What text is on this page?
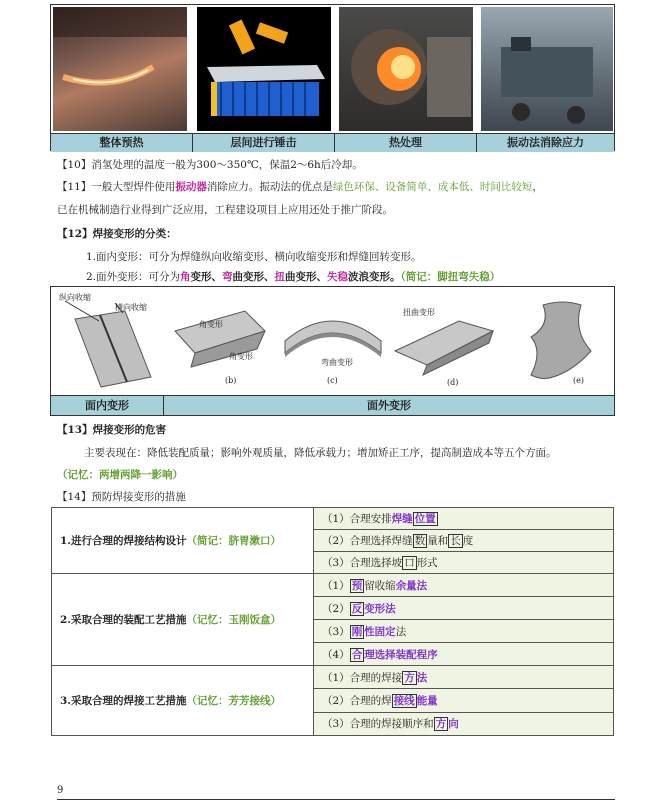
整体预热	层间进行锤击	热处理	振动法消除应力
【10】消氢处理的温度一般为300～350℃，保温2～6h后冷却。
【11】一般大型焊件使用振动器消除应力。振动法的优点是绿色环保、设备简单、成本低、时间比较短，
已在机械制造行业得到广泛应用，工程建设项目上应用还处于推广阶段。
【12】焊接变形的分类：
1.面内变形：可分为焊缝纵向收缩变形、横向收缩变形和焊缝回转变形。
2.面外变形：可分为角变形、弯曲变形、扭曲变形、失稳波浪变形。（简记：脚扭弯失稳）
纵向收缩
横向收缩
角变形
角变形
(b)
弯曲变形
(c)
扭曲变形
(d)	(e)
面内变形	面外变形
【13】焊接变形的危害
主要表现在：降低装配质量；影响外观质量，降低承载力；增加矫正工序，提高制造成本等五个方面。
（记忆：两增两降一影响）
【14】预防焊接变形的措施
1.进行合理的焊接结构设计（简记：脐胃漱口）	（1）合理安排焊缝 位置
	（2）合理选择焊缝 数 量和 长 度
	（3）合理选择坡 口 形式
2.采取合理的装配工艺措施（记忆：玉刚饭盒）	（1） 预 留收缩余量法
	（2） 反 变形法
	（3） 刚 性固定法
	（4） 合 理选择装配程序
3.采取合理的焊接工艺措施（记忆：芳芳接线）	（1）合理的焊接 方 法
	（2）合理的焊 接线 能量
	（3）合理的焊接顺序和 方 向
9
